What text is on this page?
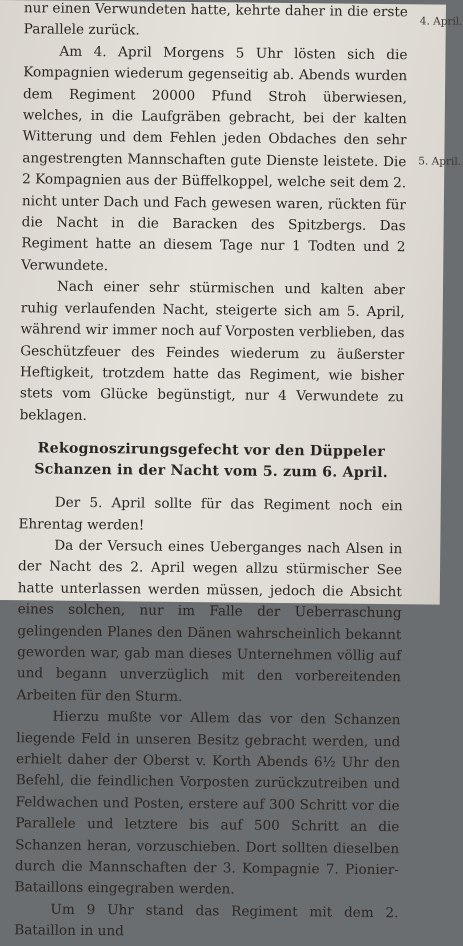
4. April.
5. April.

nur einen Verwundeten hatte, kehrte daher in die erste Parallele zurück.

Am 4. April Morgens 5 Uhr lösten sich die Kompagnien wiederum gegenseitig ab. Abends wurden dem Regiment 20000 Pfund Stroh überwiesen, welches, in die Laufgräben gebracht, bei der kalten Witterung und dem Fehlen jeden Obdaches den sehr angestrengten Mannschaften gute Dienste leistete. Die 2 Kompagnien aus der Büffelkoppel, welche seit dem 2. nicht unter Dach und Fach gewesen waren, rückten für die Nacht in die Baracken des Spitzbergs. Das Regiment hatte an diesem Tage nur 1 Todten und 2 Verwundete.

Nach einer sehr stürmischen und kalten aber ruhig verlaufenden Nacht, steigerte sich am 5. April, während wir immer noch auf Vorposten verblieben, das Geschützfeuer des Feindes wiederum zu äußerster Heftigkeit, trotzdem hatte das Regiment, wie bisher stets vom Glücke begünstigt, nur 4 Verwundete zu beklagen.

Rekognoszirungsgefecht vor den Düppeler Schanzen in der Nacht vom 5. zum 6. April.

Der 5. April sollte für das Regiment noch ein Ehrentag werden!

Da der Versuch eines Ueberganges nach Alsen in der Nacht des 2. April wegen allzu stürmischer See hatte unterlassen werden müssen, jedoch die Absicht eines solchen, nur im Falle der Ueberraschung gelingenden Planes den Dänen wahrscheinlich bekannt geworden war, gab man dieses Unternehmen völlig auf und begann unverzüglich mit den vorbereitenden Arbeiten für den Sturm.

Hierzu mußte vor Allem das vor den Schanzen liegende Feld in unseren Besitz gebracht werden, und erhielt daher der Oberst v. Korth Abends 6½ Uhr den Befehl, die feindlichen Vorposten zurückzutreiben und Feldwachen und Posten, erstere auf 300 Schritt vor die Parallele und letztere bis auf 500 Schritt an die Schanzen heran, vorzuschieben. Dort sollten dieselben durch die Mannschaften der 3. Kompagnie 7. Pionier-Bataillons eingegraben werden.

Um 9 Uhr stand das Regiment mit dem 2. Bataillon in und
